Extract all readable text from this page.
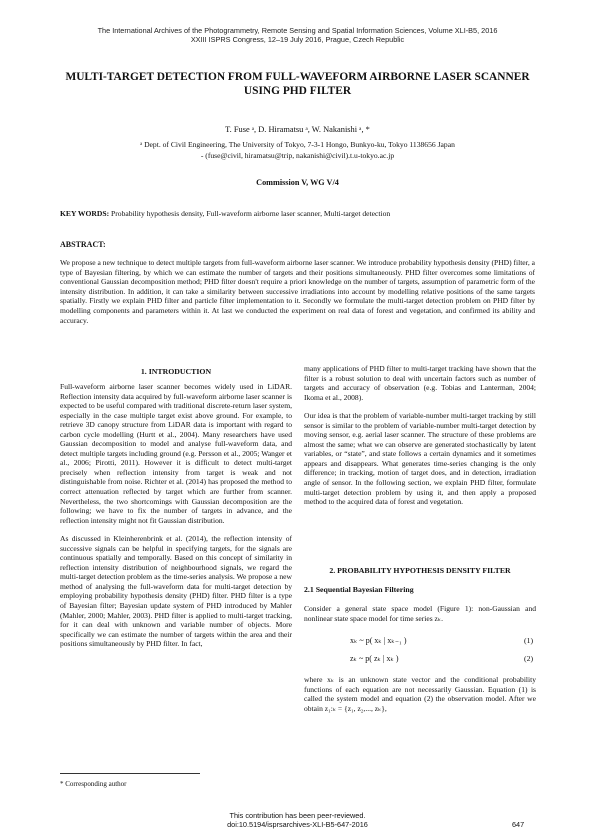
The International Archives of the Photogrammetry, Remote Sensing and Spatial Information Sciences, Volume XLI-B5, 2016
XXIII ISPRS Congress, 12–19 July 2016, Prague, Czech Republic
MULTI-TARGET DETECTION FROM FULL-WAVEFORM AIRBORNE LASER SCANNER USING PHD FILTER
T. Fuse ᵃ, D. Hiramatsu ᵃ, W. Nakanishi ᵃ, *
ᵃ Dept. of Civil Engineering, The University of Tokyo, 7-3-1 Hongo, Bunkyo-ku, Tokyo 1138656 Japan
- (fuse@civil, hiramatsu@trip, nakanishi@civil).t.u-tokyo.ac.jp
Commission V, WG V/4
KEY WORDS: Probability hypothesis density, Full-waveform airborne laser scanner, Multi-target detection
ABSTRACT:
We propose a new technique to detect multiple targets from full-waveform airborne laser scanner. We introduce probability hypothesis density (PHD) filter, a type of Bayesian filtering, by which we can estimate the number of targets and their positions simultaneously. PHD filter overcomes some limitations of conventional Gaussian decomposition method; PHD filter doesn't require a priori knowledge on the number of targets, assumption of parametric form of the intensity distribution. In addition, it can take a similarity between successive irradiations into account by modelling relative positions of the same targets spatially. Firstly we explain PHD filter and particle filter implementation to it. Secondly we formulate the multi-target detection problem on PHD filter by modelling components and parameters within it. At last we conducted the experiment on real data of forest and vegetation, and confirmed its ability and accuracy.
1. INTRODUCTION

Full-waveform airborne laser scanner becomes widely used in LiDAR. Reflection intensity data acquired by full-waveform airborne laser scanner is expected to be useful compared with traditional discrete-return laser system, especially in the case multiple target exist above ground. For example, to retrieve 3D canopy structure from LiDAR data is important with regard to carbon cycle modelling (Hurtt et al., 2004). Many researchers have used Gaussian decomposition to model and analyse full-waveform data, and detect multiple targets including ground (e.g. Persson et al., 2005; Wanger et al., 2006; Pirotti, 2011). However it is difficult to detect multi-target precisely when reflection intensity from target is weak and not distinguishable from noise. Richter et al. (2014) has proposed the method to correct attenuation reflected by target which are further from scanner. Nevertheless, the two shortcomings with Gaussian decomposition are the following; we have to fix the number of targets in advance, and the reflection intensity might not fit Gaussian distribution.

As discussed in Kleinherenbrink et al. (2014), the reflection intensity of successive signals can be helpful in specifying targets, for the signals are continuous spatially and temporally. Based on this concept of similarity in reflection intensity distribution of neighbourhood signals, we regard the multi-target detection problem as the time-series analysis. We propose a new method of analysing the full-waveform data for multi-target detection by employing probability hypothesis density (PHD) filter. PHD filter is a type of Bayesian filter; Bayesian update system of PHD introduced by Mahler (Mahler, 2000; Mahler, 2003). PHD filter is applied to multi-target tracking, for it can deal with unknown and variable number of objects. More specifically we can estimate the number of targets within the area and their positions simultaneously by PHD filter. In fact,

many applications of PHD filter to multi-target tracking have shown that the filter is a robust solution to deal with uncertain factors such as number of targets and accuracy of observation (e.g. Tobias and Lanterman, 2004; Ikoma et al., 2008).

Our idea is that the problem of variable-number multi-target tracking by still sensor is similar to the problem of variable-number multi-target detection by moving sensor, e.g. aerial laser scanner. The structure of these problems are almost the same; what we can observe are generated stochastically by latent variables, or “state”, and state follows a certain dynamics and it sometimes appears and disappears. What generates time-series changing is the only difference; in tracking, motion of target does, and in detection, irradiation angle of sensor. In the following section, we explain PHD filter, formulate multi-target detection problem by using it, and then apply a proposed method to the acquired data of forest and vegetation.

2. PROBABILITY HYPOTHESIS DENSITY FILTER
2.1 Sequential Bayesian Filtering
Consider a general state space model (Figure 1): non-Gaussian and nonlinear state space model for time series zₖ.
xₖ ~ p( xₖ | xₖ₋₁ )	(1)
zₖ ~ p( zₖ | xₖ )	(2)
where xₖ is an unknown state vector and the conditional probability functions of each equation are not necessarily Gaussian. Equation (1) is called the system model and equation (2) the observation model. After we obtain z₁:ₖ = {z₁, z₂,..., zₖ},
* Corresponding author
This contribution has been peer-reviewed.
doi:10.5194/isprsarchives-XLI-B5-647-2016	647
